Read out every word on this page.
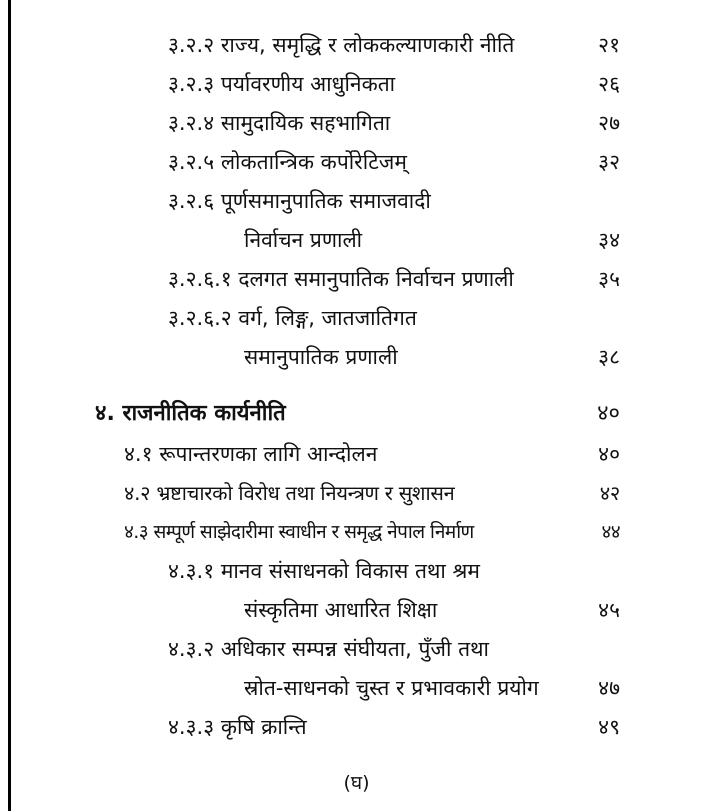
३.२.२ राज्य, समृद्धि र लोककल्याणकारी नीति	२१
३.२.३ पर्यावरणीय आधुनिकता	२६
३.२.४ सामुदायिक सहभागिता	२७
३.२.५ लोकतान्त्रिक कर्पोरेटिजम्	३२
३.२.६ पूर्णसमानुपातिक समाजवादी
निर्वाचन प्रणाली	३४
३.२.६.१ दलगत समानुपातिक निर्वाचन प्रणाली	३५
३.२.६.२ वर्ग, लिङ्ग, जातजातिगत
समानुपातिक प्रणाली	३८
४. राजनीतिक कार्यनीति	४०
४.१ रूपान्तरणका लागि आन्दोलन	४०
४.२ भ्रष्टाचारको विरोध तथा नियन्त्रण र सुशासन	४२
४.३ सम्पूर्ण साझेदारीमा स्वाधीन र समृद्ध नेपाल निर्माण	४४
४.३.१ मानव संसाधनको विकास तथा श्रम
संस्कृतिमा आधारित शिक्षा	४५
४.३.२ अधिकार सम्पन्न संघीयता, पुँजी तथा
स्रोत-साधनको चुस्त र प्रभावकारी प्रयोग	४७
४.३.३ कृषि क्रान्ति	४९
(घ)
